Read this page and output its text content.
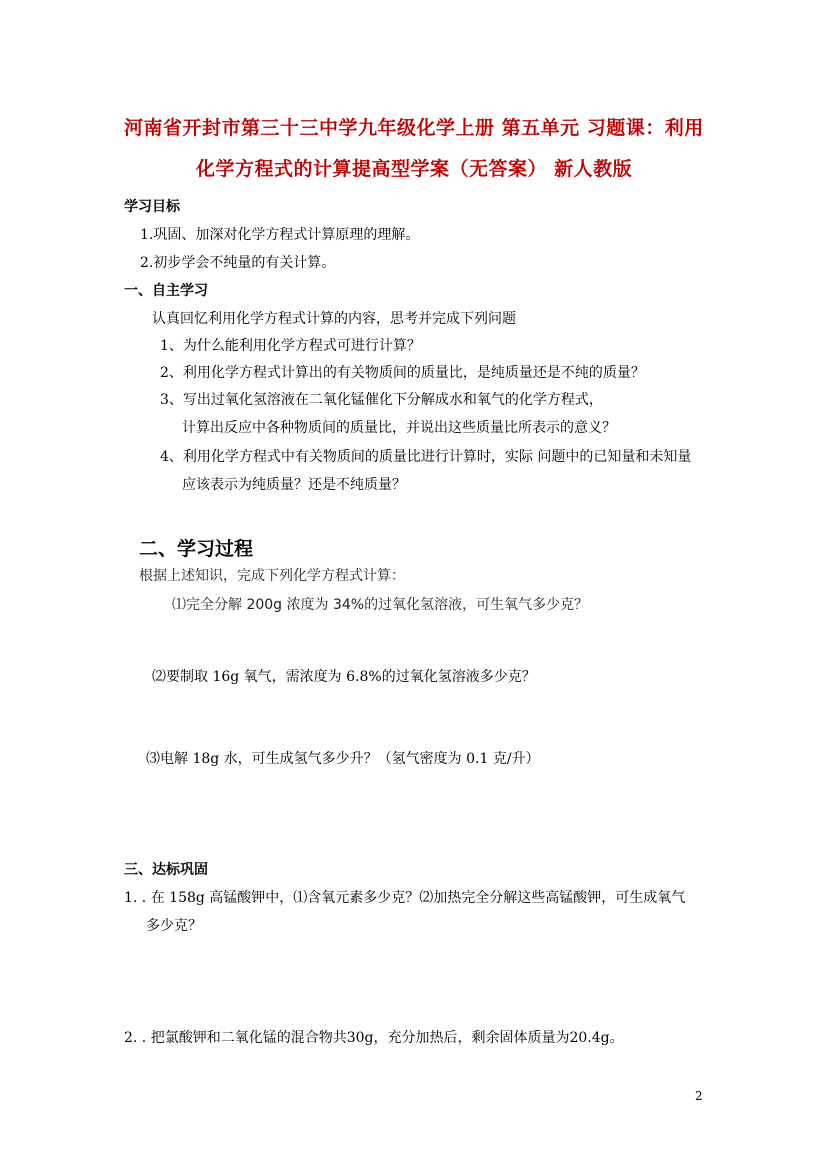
河南省开封市第三十三中学九年级化学上册 第五单元 习题课：利用
化学方程式的计算提高型学案（无答案） 新人教版
学习目标
1.巩固、加深对化学方程式计算原理的理解。
2.初步学会不纯量的有关计算。
一、自主学习
认真回忆利用化学方程式计算的内容，思考并完成下列问题
1、为什么能利用化学方程式可进行计算？
2、利用化学方程式计算出的有关物质间的质量比，是纯质量还是不纯的质量？
3、写出过氧化氢溶液在二氧化锰催化下分解成水和氧气的化学方程式，
计算出反应中各种物质间的质量比，并说出这些质量比所表示的意义？
4、利用化学方程式中有关物质间的质量比进行计算时，实际 问题中的已知量和未知量
应该表示为纯质量？还是不纯质量？
二、学习过程
根据上述知识，完成下列化学方程式计算：
⑴完全分解 200g 浓度为 34%的过氧化氢溶液，可生氧气多少克？
⑵要制取 16g 氧气，需浓度为 6.8%的过氧化氢溶液多少克？
⑶电解 18g 水，可生成氢气多少升？（氢气密度为 0.1 克/升）
三、达标巩固
1. . 在 158g 高锰酸钾中，⑴含氧元素多少克？⑵加热完全分解这些高锰酸钾，可生成氧气
多少克？
2. . 把氯酸钾和二氧化锰的混合物共30g，充分加热后，剩余固体质量为20.4g。
2
